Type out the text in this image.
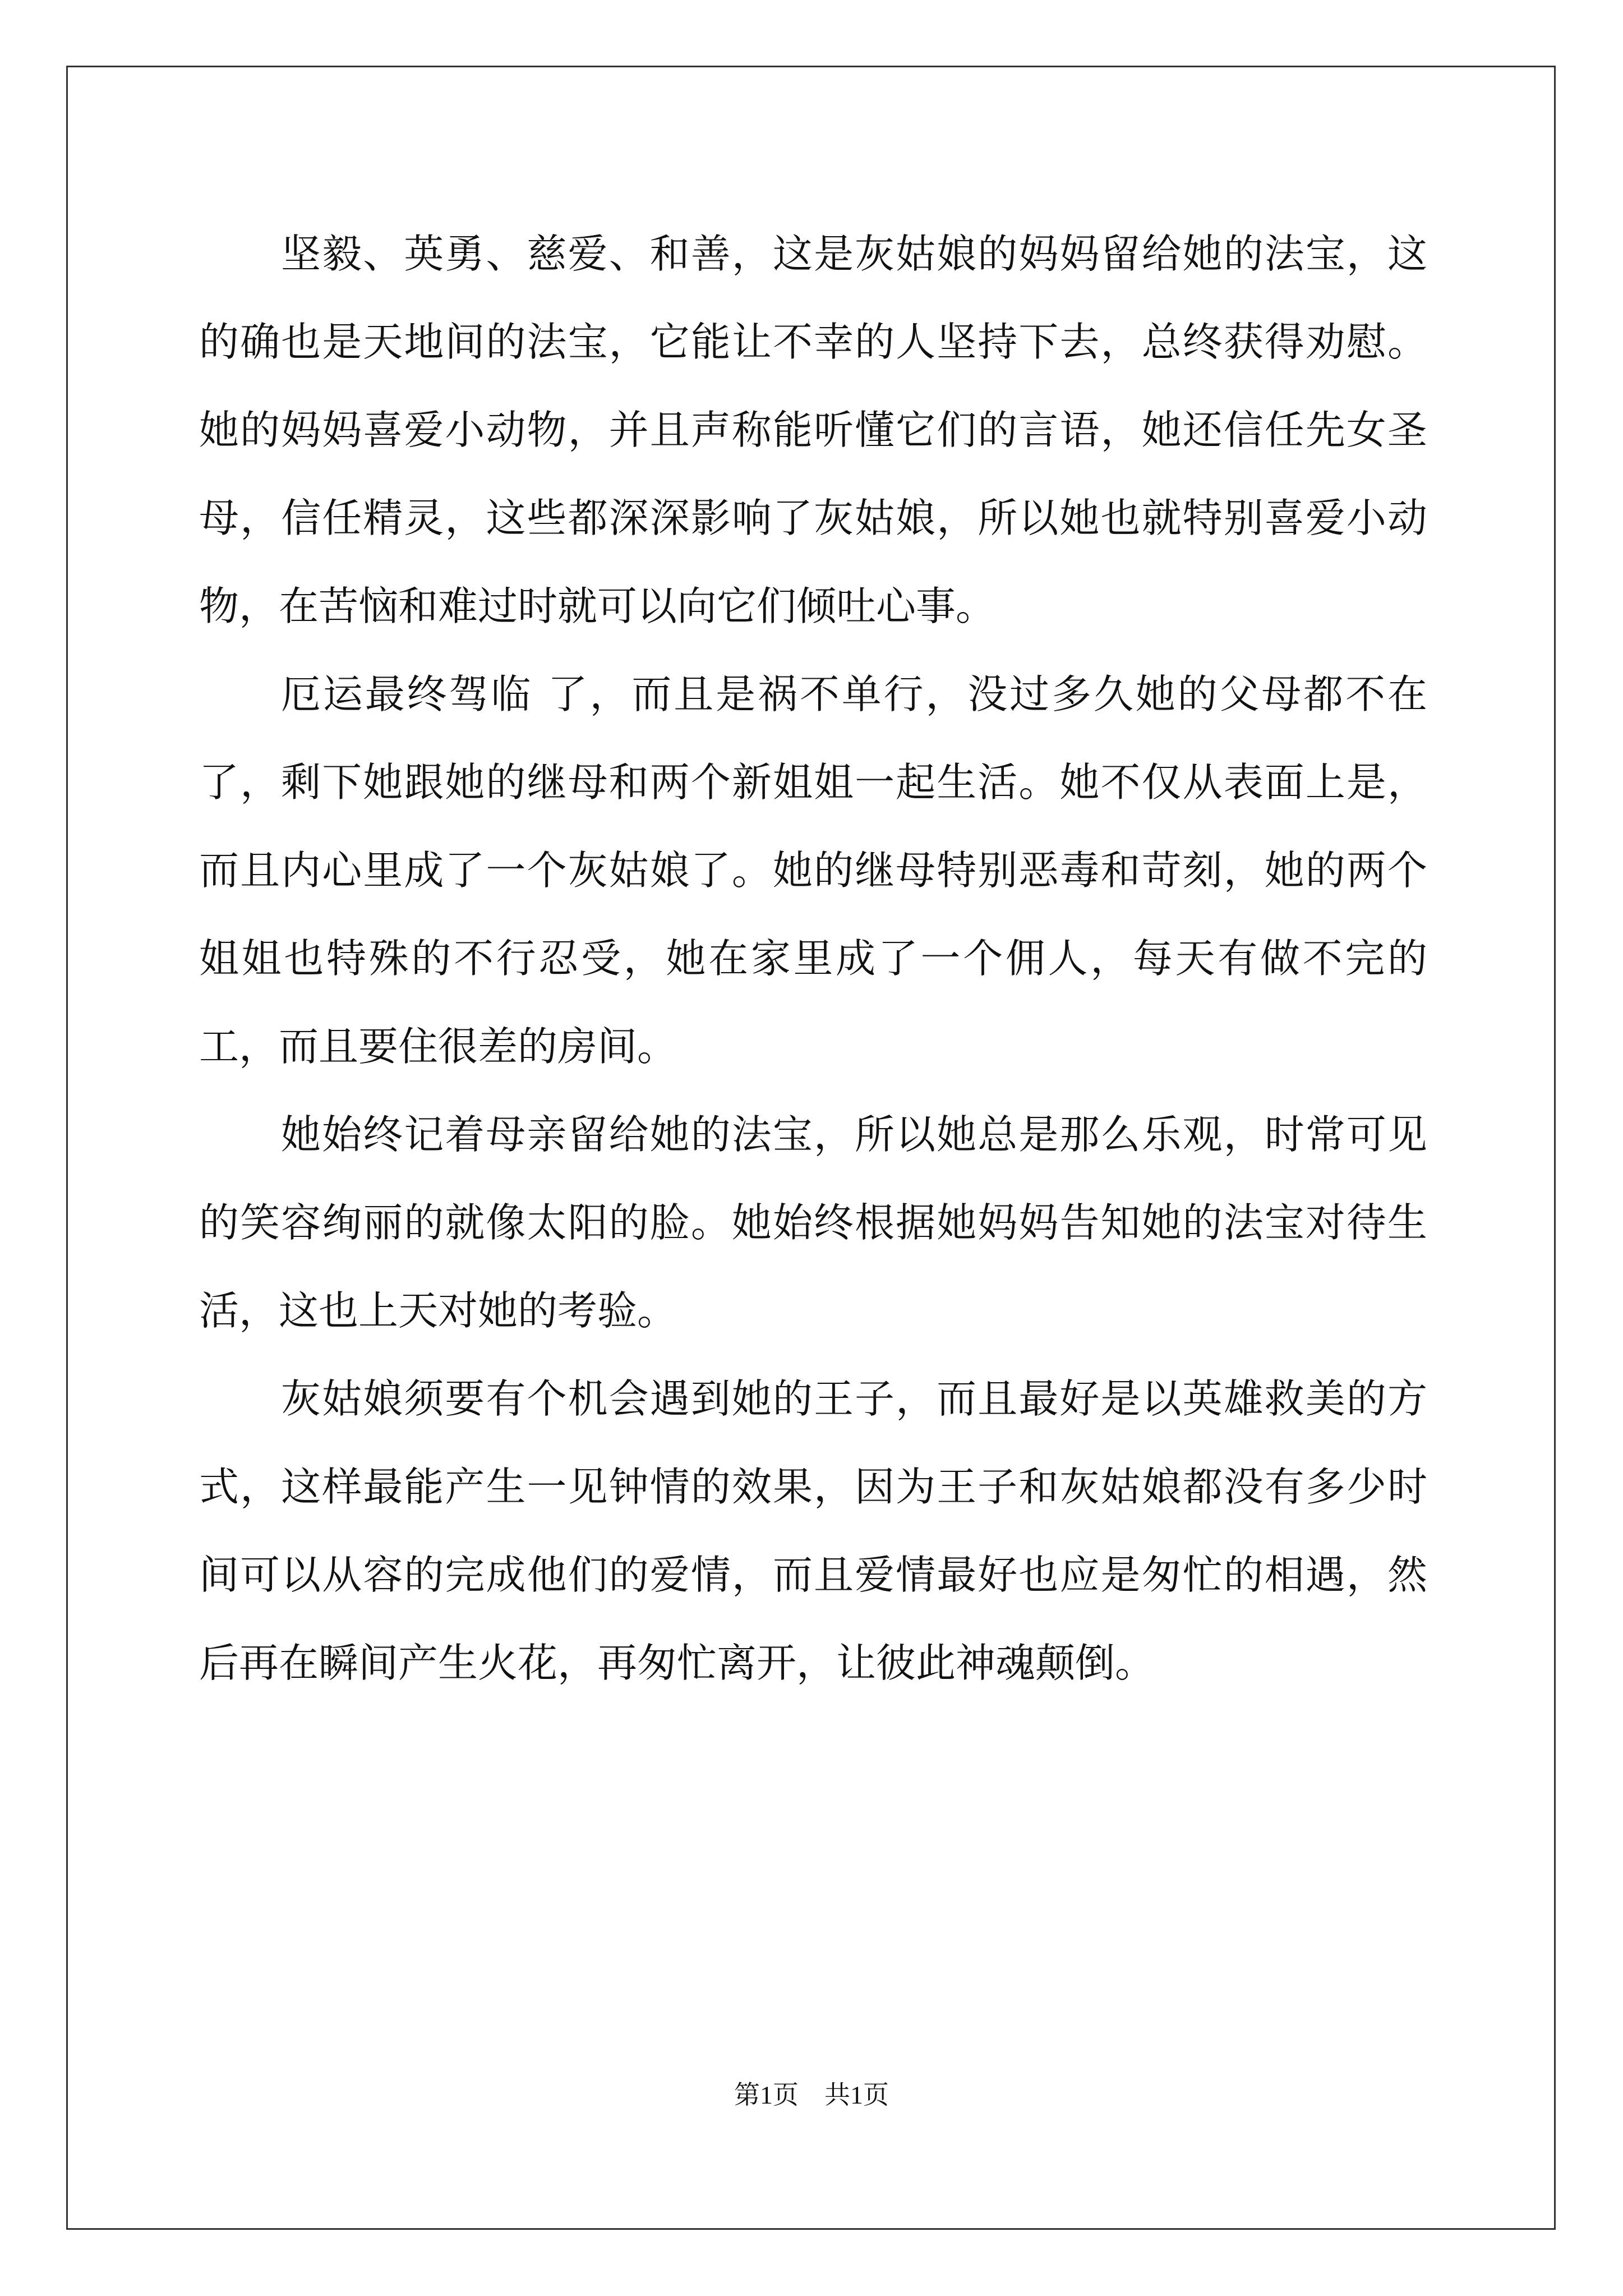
坚毅、英勇、慈爱、和善，这是灰姑娘的妈妈留给她的法宝，这的确也是天地间的法宝，它能让不幸的人坚持下去，总终获得劝慰。她的妈妈喜爱小动物，并且声称能听懂它们的言语，她还信任先女圣母，信任精灵，这些都深深影响了灰姑娘，所以她也就特别喜爱小动物，在苦恼和难过时就可以向它们倾吐心事。

厄运最终驾临 了，而且是祸不单行，没过多久她的父母都不在了，剩下她跟她的继母和两个新姐姐一起生活。她不仅从表面上是，而且内心里成了一个灰姑娘了。她的继母特别恶毒和苛刻，她的两个姐姐也特殊的不行忍受，她在家里成了一个佣人，每天有做不完的工，而且要住很差的房间。

她始终记着母亲留给她的法宝，所以她总是那么乐观，时常可见的笑容绚丽的就像太阳的脸。她始终根据她妈妈告知她的法宝对待生活，这也上天对她的考验。

灰姑娘须要有个机会遇到她的王子，而且最好是以英雄救美的方式，这样最能产生一见钟情的效果，因为王子和灰姑娘都没有多少时间可以从容的完成他们的爱情，而且爱情最好也应是匆忙的相遇，然后再在瞬间产生火花，再匆忙离开，让彼此神魂颠倒。

第1页　共1页
